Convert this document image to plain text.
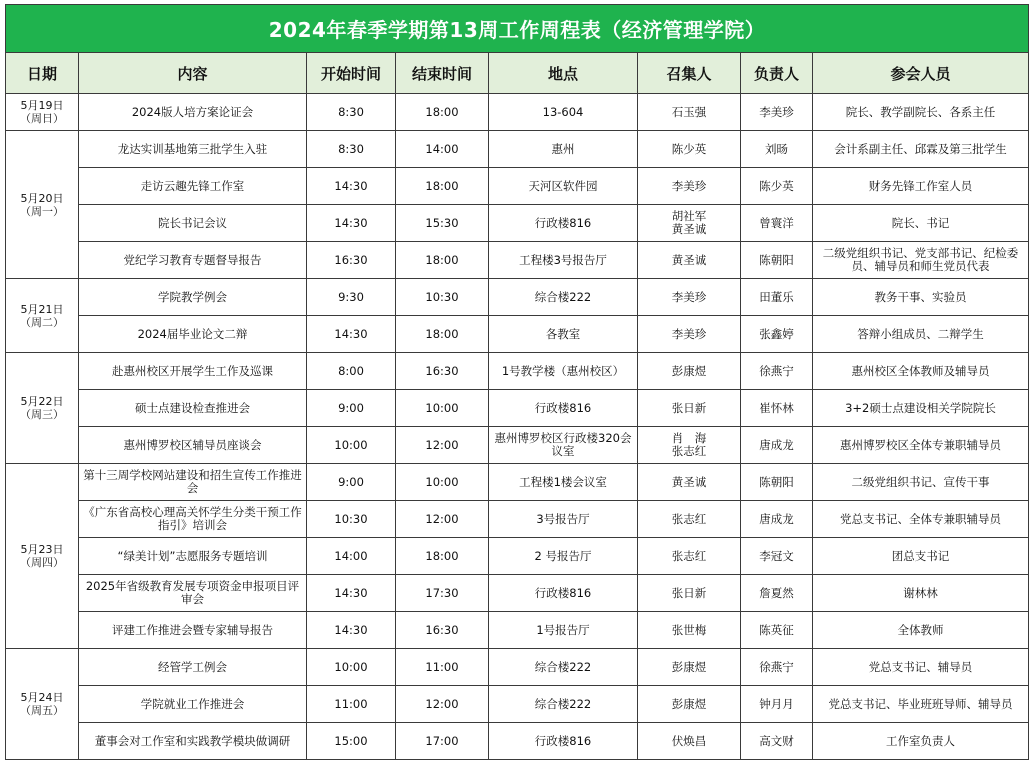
2024年春季学期第13周工作周程表（经济管理学院）							
日期	内容	开始时间	结束时间	地点	召集人	负责人	参会人员

5月19日
（周日）	2024版人培方案论证会	8:30	18:00	13-604	石玉强	李美珍	院长、教学副院长、各系主任

5月20日
（周一）	龙达实训基地第三批学生入驻	8:30	14:00	惠州	陈少英	刘旸	会计系副主任、邱霖及第三批学生
	走访云趣先锋工作室	14:30	18:00	天河区软件园	李美珍	陈少英	财务先锋工作室人员
	院长书记会议	14:30	15:30	行政楼816	胡社军
黄圣诚	曾寰洋	院长、书记
	党纪学习教育专题督导报告	16:30	18:00	工程楼3号报告厅	黄圣诚	陈朝阳	二级党组织书记、党支部书记、纪检委员、辅导员和师生党员代表

5月21日
（周二）	学院教学例会	9:30	10:30	综合楼222	李美珍	田董乐	教务干事、实验员
	2024届毕业论文二辩	14:30	18:00	各教室	李美珍	张鑫婷	答辩小组成员、二辩学生

5月22日
（周三）	赴惠州校区开展学生工作及巡课	8:00	16:30	1号教学楼（惠州校区）	彭康煜	徐燕宁	惠州校区全体教师及辅导员
	硕士点建设检查推进会	9:00	10:00	行政楼816	张日新	崔怀林	3+2硕士点建设相关学院院长
	惠州博罗校区辅导员座谈会	10:00	12:00	惠州博罗校区行政楼320会议室	肖　海
张志红	唐成龙	惠州博罗校区全体专兼职辅导员

5月23日
（周四）	第十三周学校网站建设和招生宣传工作推进会	9:00	10:00	工程楼1楼会议室	黄圣诚	陈朝阳	二级党组织书记、宣传干事
	《广东省高校心理高关怀学生分类干预工作指引》培训会	10:30	12:00	3号报告厅	张志红	唐成龙	党总支书记、全体专兼职辅导员
	“绿美计划”志愿服务专题培训	14:00	18:00	2 号报告厅	张志红	李冠文	团总支书记
	2025年省级教育发展专项资金申报项目评审会	14:30	17:30	行政楼816	张日新	詹夏然	谢林林
	评建工作推进会暨专家辅导报告	14:30	16:30	1号报告厅	张世梅	陈英征	全体教师

5月24日
（周五）	经管学工例会	10:00	11:00	综合楼222	彭康煜	徐燕宁	党总支书记、辅导员
	学院就业工作推进会	11:00	12:00	综合楼222	彭康煜	钟月月	党总支书记、毕业班班导师、辅导员
	董事会对工作室和实践教学模块做调研	15:00	17:00	行政楼816	伏焕昌	高文财	工作室负责人
